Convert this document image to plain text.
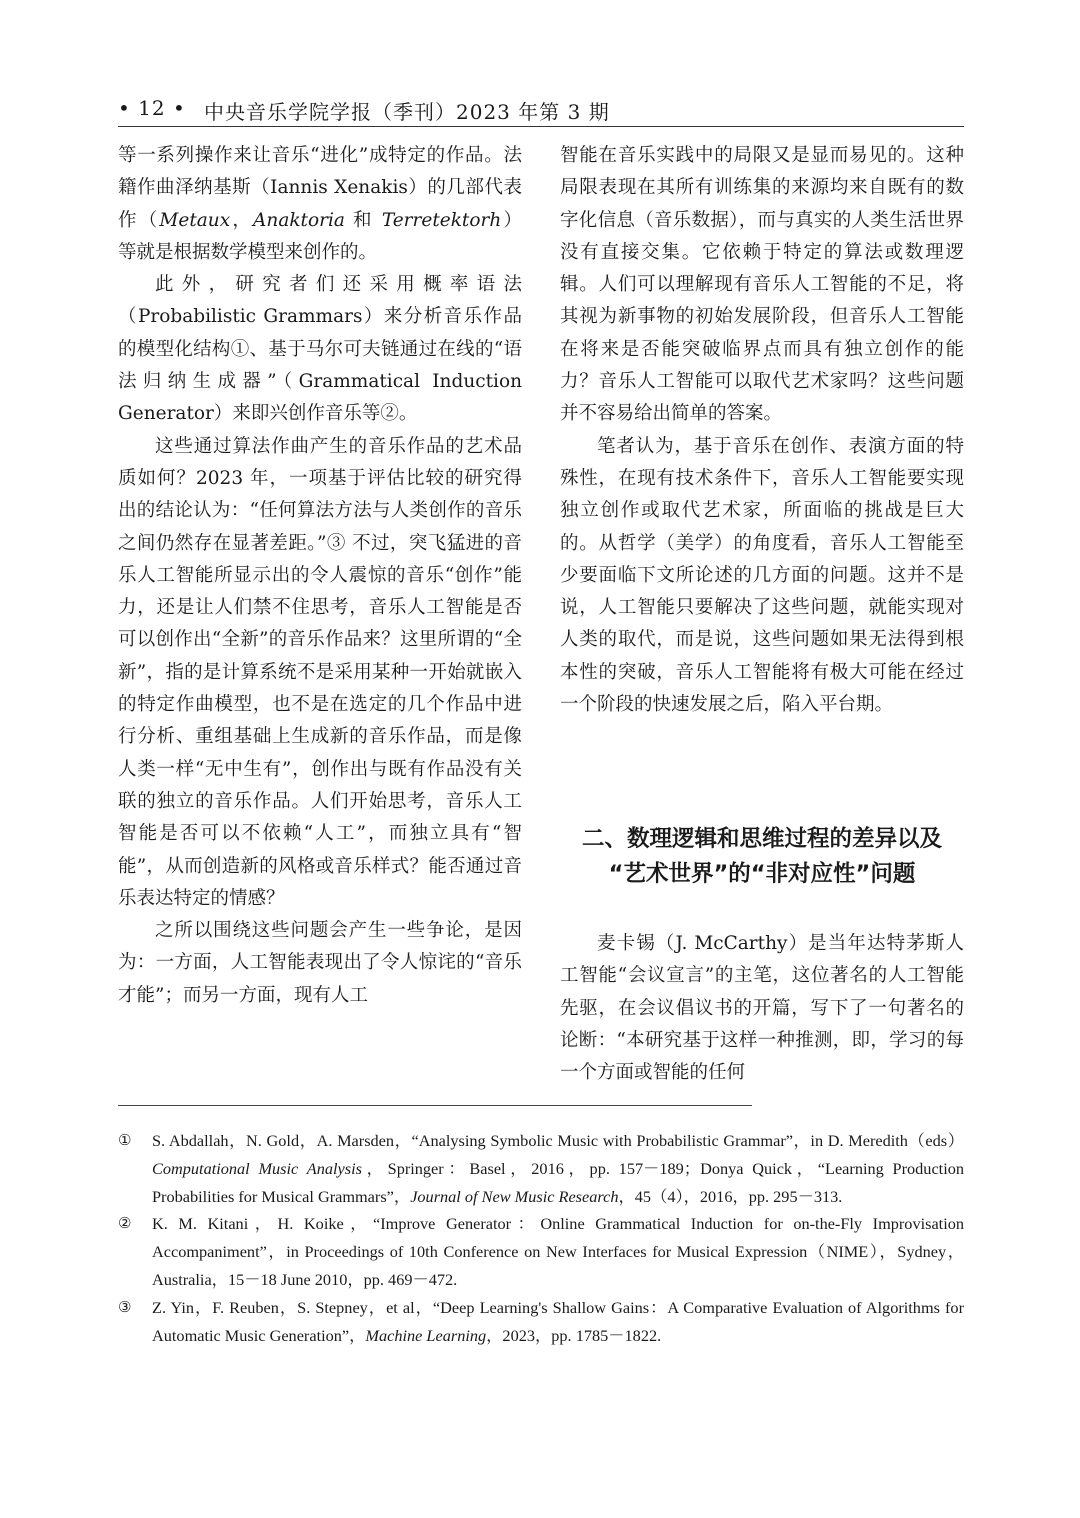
• 12 • 中央音乐学院学报（季刊）2023 年第 3 期

等一系列操作来让音乐“进化”成特定的作品。法籍作曲泽纳基斯（Iannis Xenakis）的几部代表作（Metaux，Anaktoria 和 Terretektorh）等就是根据数学模型来创作的。

此外，研究者们还采用概率语法（Probabilistic Grammars）来分析音乐作品的模型化结构①、基于马尔可夫链通过在线的“语法归纳生成器”（Grammatical Induction Generator）来即兴创作音乐等②。

这些通过算法作曲产生的音乐作品的艺术品质如何？2023 年，一项基于评估比较的研究得出的结论认为：“任何算法方法与人类创作的音乐之间仍然存在显著差距。”③ 不过，突飞猛进的音乐人工智能所显示出的令人震惊的音乐“创作”能力，还是让人们禁不住思考，音乐人工智能是否可以创作出“全新”的音乐作品来？这里所谓的“全新”，指的是计算系统不是采用某种一开始就嵌入的特定作曲模型，也不是在选定的几个作品中进行分析、重组基础上生成新的音乐作品，而是像人类一样“无中生有”，创作出与既有作品没有关联的独立的音乐作品。人们开始思考，音乐人工智能是否可以不依赖“人工”，而独立具有“智能”，从而创造新的风格或音乐样式？能否通过音乐表达特定的情感？

之所以围绕这些问题会产生一些争论，是因为：一方面，人工智能表现出了令人惊诧的“音乐才能”；而另一方面，现有人工

智能在音乐实践中的局限又是显而易见的。这种局限表现在其所有训练集的来源均来自既有的数字化信息（音乐数据），而与真实的人类生活世界没有直接交集。它依赖于特定的算法或数理逻辑。人们可以理解现有音乐人工智能的不足，将其视为新事物的初始发展阶段，但音乐人工智能在将来是否能突破临界点而具有独立创作的能力？音乐人工智能可以取代艺术家吗？这些问题并不容易给出简单的答案。

笔者认为，基于音乐在创作、表演方面的特殊性，在现有技术条件下，音乐人工智能要实现独立创作或取代艺术家，所面临的挑战是巨大的。从哲学（美学）的角度看，音乐人工智能至少要面临下文所论述的几方面的问题。这并不是说，人工智能只要解决了这些问题，就能实现对人类的取代，而是说，这些问题如果无法得到根本性的突破，音乐人工智能将有极大可能在经过一个阶段的快速发展之后，陷入平台期。

二、数理逻辑和思维过程的差异以及
“艺术世界”的“非对应性”问题

麦卡锡（J. McCarthy）是当年达特茅斯人工智能“会议宣言”的主笔，这位著名的人工智能先驱，在会议倡议书的开篇，写下了一句著名的论断：“本研究基于这样一种推测，即，学习的每一个方面或智能的任何

① S. Abdallah，N. Gold，A. Marsden，“Analysing Symbolic Music with Probabilistic Grammar”，in D. Meredith（eds）Computational Music Analysis，Springer：Basel，2016，pp. 157－189；Donya Quick，“Learning Production Probabilities for Musical Grammars”，Journal of New Music Research，45（4），2016，pp. 295－313.
② K. M. Kitani，H. Koike，“Improve Generator：Online Grammatical Induction for on-the-Fly Improvisation Accompaniment”，in Proceedings of 10th Conference on New Interfaces for Musical Expression（NIME），Sydney，Australia，15－18 June 2010，pp. 469－472.
③ Z. Yin，F. Reuben，S. Stepney，et al，“Deep Learning's Shallow Gains：A Comparative Evaluation of Algorithms for Automatic Music Generation”，Machine Learning，2023，pp. 1785－1822.
